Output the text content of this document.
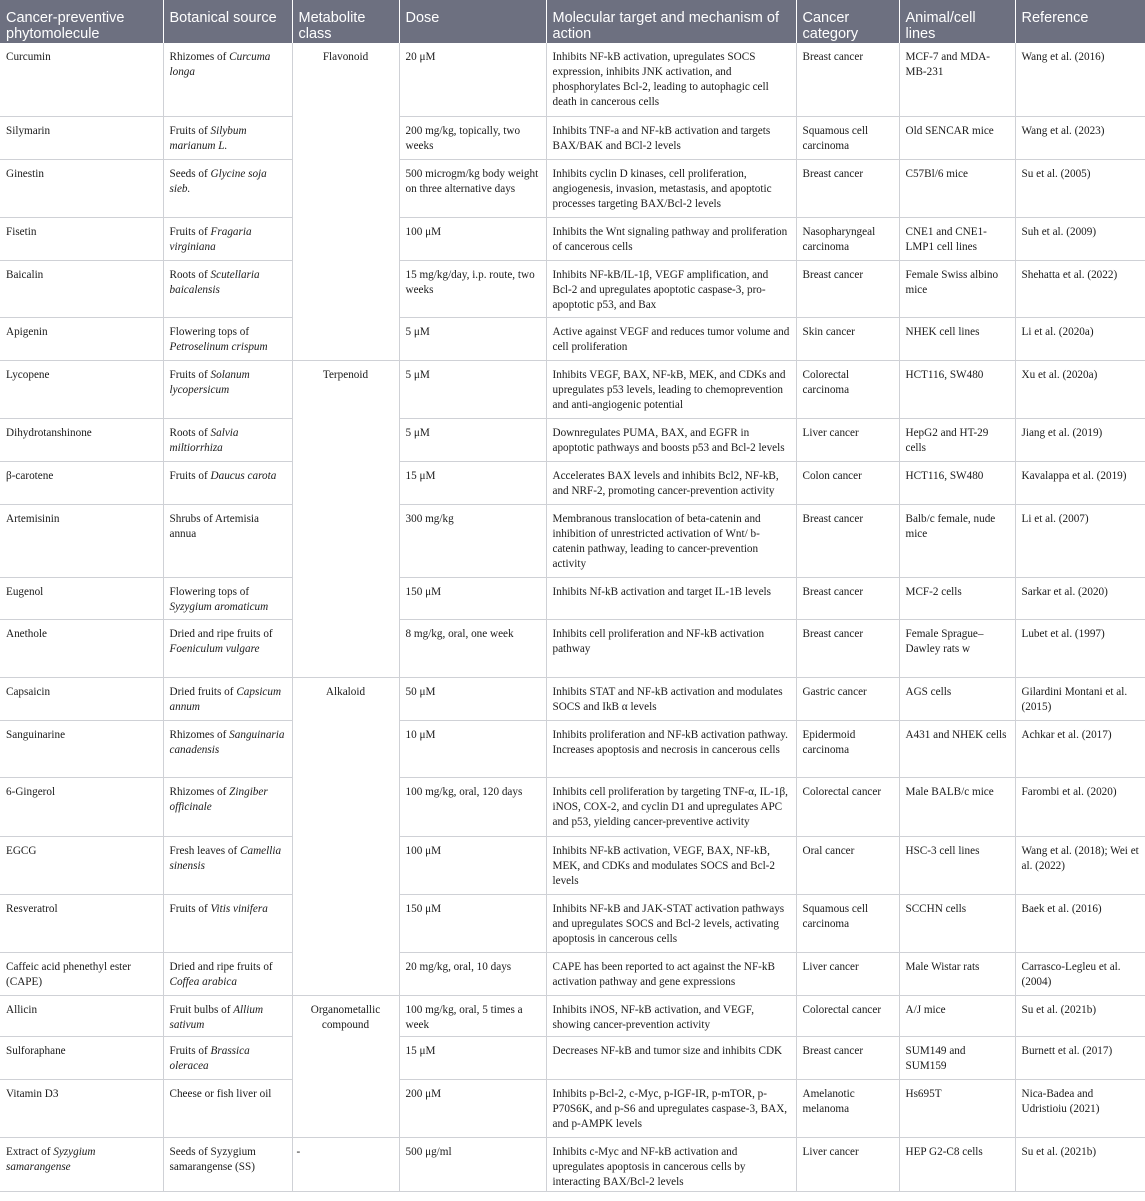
Cancer-preventive phytomolecule	Botanical source	Metabolite class	Dose	Molecular target and mechanism of action	Cancer category	Animal/cell lines	Reference
Curcumin	Rhizomes of Curcuma longa	Flavonoid	20 μM	Inhibits NF-kB activation, upregulates SOCS expression, inhibits JNK activation, and phosphorylates Bcl-2, leading to autophagic cell death in cancerous cells	Breast cancer	MCF-7 and MDA-MB-231	Wang et al. (2016)
Silymarin	Fruits of Silybum marianum L.		200 mg/kg, topically, two weeks	Inhibits TNF-a and NF-kB activation and targets BAX/BAK and BCl-2 levels	Squamous cell carcinoma	Old SENCAR mice	Wang et al. (2023)
Ginestin	Seeds of Glycine soja sieb.		500 microgm/kg body weight on three alternative days	Inhibits cyclin D kinases, cell proliferation, angiogenesis, invasion, metastasis, and apoptotic processes targeting BAX/Bcl-2 levels	Breast cancer	C57Bl/6 mice	Su et al. (2005)
Fisetin	Fruits of Fragaria virginiana		100 μM	Inhibits the Wnt signaling pathway and proliferation of cancerous cells	Nasopharyngeal carcinoma	CNE1 and CNE1-LMP1 cell lines	Suh et al. (2009)
Baicalin	Roots of Scutellaria baicalensis		15 mg/kg/day, i.p. route, two weeks	Inhibits NF-kB/IL-1β, VEGF amplification, and Bcl-2 and upregulates apoptotic caspase-3, pro-apoptotic p53, and Bax	Breast cancer	Female Swiss albino mice	Shehatta et al. (2022)
Apigenin	Flowering tops of Petroselinum crispum		5 μM	Active against VEGF and reduces tumor volume and cell proliferation	Skin cancer	NHEK cell lines	Li et al. (2020a)
Lycopene	Fruits of Solanum lycopersicum	Terpenoid	5 μM	Inhibits VEGF, BAX, NF-kB, MEK, and CDKs and upregulates p53 levels, leading to chemoprevention and anti-angiogenic potential	Colorectal carcinoma	HCT116, SW480	Xu et al. (2020a)
Dihydrotanshinone	Roots of Salvia miltiorrhiza		5 μM	Downregulates PUMA, BAX, and EGFR in apoptotic pathways and boosts p53 and Bcl-2 levels	Liver cancer	HepG2 and HT-29 cells	Jiang et al. (2019)
β-carotene	Fruits of Daucus carota		15 μM	Accelerates BAX levels and inhibits Bcl2, NF-kB, and NRF-2, promoting cancer-prevention activity	Colon cancer	HCT116, SW480	Kavalappa et al. (2019)
Artemisinin	Shrubs of Artemisia annua		300 mg/kg	Membranous translocation of beta-catenin and inhibition of unrestricted activation of Wnt/ b-catenin pathway, leading to cancer-prevention activity	Breast cancer	Balb/c female, nude mice	Li et al. (2007)
Eugenol	Flowering tops of Syzygium aromaticum		150 μM	Inhibits Nf-kB activation and target IL-1B levels	Breast cancer	MCF-2 cells	Sarkar et al. (2020)
Anethole	Dried and ripe fruits of Foeniculum vulgare		8 mg/kg, oral, one week	Inhibits cell proliferation and NF-kB activation pathway	Breast cancer	Female Sprague–Dawley rats w	Lubet et al. (1997)
Capsaicin	Dried fruits of Capsicum annum	Alkaloid	50 μM	Inhibits STAT and NF-kB activation and modulates SOCS and IkB α levels	Gastric cancer	AGS cells	Gilardini Montani et al. (2015)
Sanguinarine	Rhizomes of Sanguinaria canadensis		10 μM	Inhibits proliferation and NF-kB activation pathway. Increases apoptosis and necrosis in cancerous cells	Epidermoid carcinoma	A431 and NHEK cells	Achkar et al. (2017)
6-Gingerol	Rhizomes of Zingiber officinale		100 mg/kg, oral, 120 days	Inhibits cell proliferation by targeting TNF-α, IL-1β, iNOS, COX-2, and cyclin D1 and upregulates APC and p53, yielding cancer-preventive activity	Colorectal cancer	Male BALB/c mice	Farombi et al. (2020)
EGCG	Fresh leaves of Camellia sinensis		100 μM	Inhibits NF-kB activation, VEGF, BAX, NF-kB, MEK, and CDKs and modulates SOCS and Bcl-2 levels	Oral cancer	HSC-3 cell lines	Wang et al. (2018); Wei et al. (2022)
Resveratrol	Fruits of Vitis vinifera		150 μM	Inhibits NF-kB and JAK-STAT activation pathways and upregulates SOCS and Bcl-2 levels, activating apoptosis in cancerous cells	Squamous cell carcinoma	SCCHN cells	Baek et al. (2016)
Caffeic acid phenethyl ester (CAPE)	Dried and ripe fruits of Coffea arabica		20 mg/kg, oral, 10 days	CAPE has been reported to act against the NF-kB activation pathway and gene expressions	Liver cancer	Male Wistar rats	Carrasco-Legleu et al. (2004)
Allicin	Fruit bulbs of Allium sativum	Organometallic compound	100 mg/kg, oral, 5 times a week	Inhibits iNOS, NF-kB activation, and VEGF, showing cancer-prevention activity	Colorectal cancer	A/J mice	Su et al. (2021b)
Sulforaphane	Fruits of Brassica oleracea		15 μM	Decreases NF-kB and tumor size and inhibits CDK	Breast cancer	SUM149 and SUM159	Burnett et al. (2017)
Vitamin D3	Cheese or fish liver oil		200 μM	Inhibits p-Bcl-2, c-Myc, p-IGF-IR, p-mTOR, p-P70S6K, and p-S6 and upregulates caspase-3, BAX, and p-AMPK levels	Amelanotic melanoma	Hs695T	Nica-Badea and Udristioiu (2021)
Extract of Syzygium samarangense	Seeds of Syzygium samarangense (SS)	-	500 μg/ml	Inhibits c-Myc and NF-kB activation and upregulates apoptosis in cancerous cells by interacting BAX/Bcl-2 levels	Liver cancer	HEP G2-C8 cells	Su et al. (2021b)
